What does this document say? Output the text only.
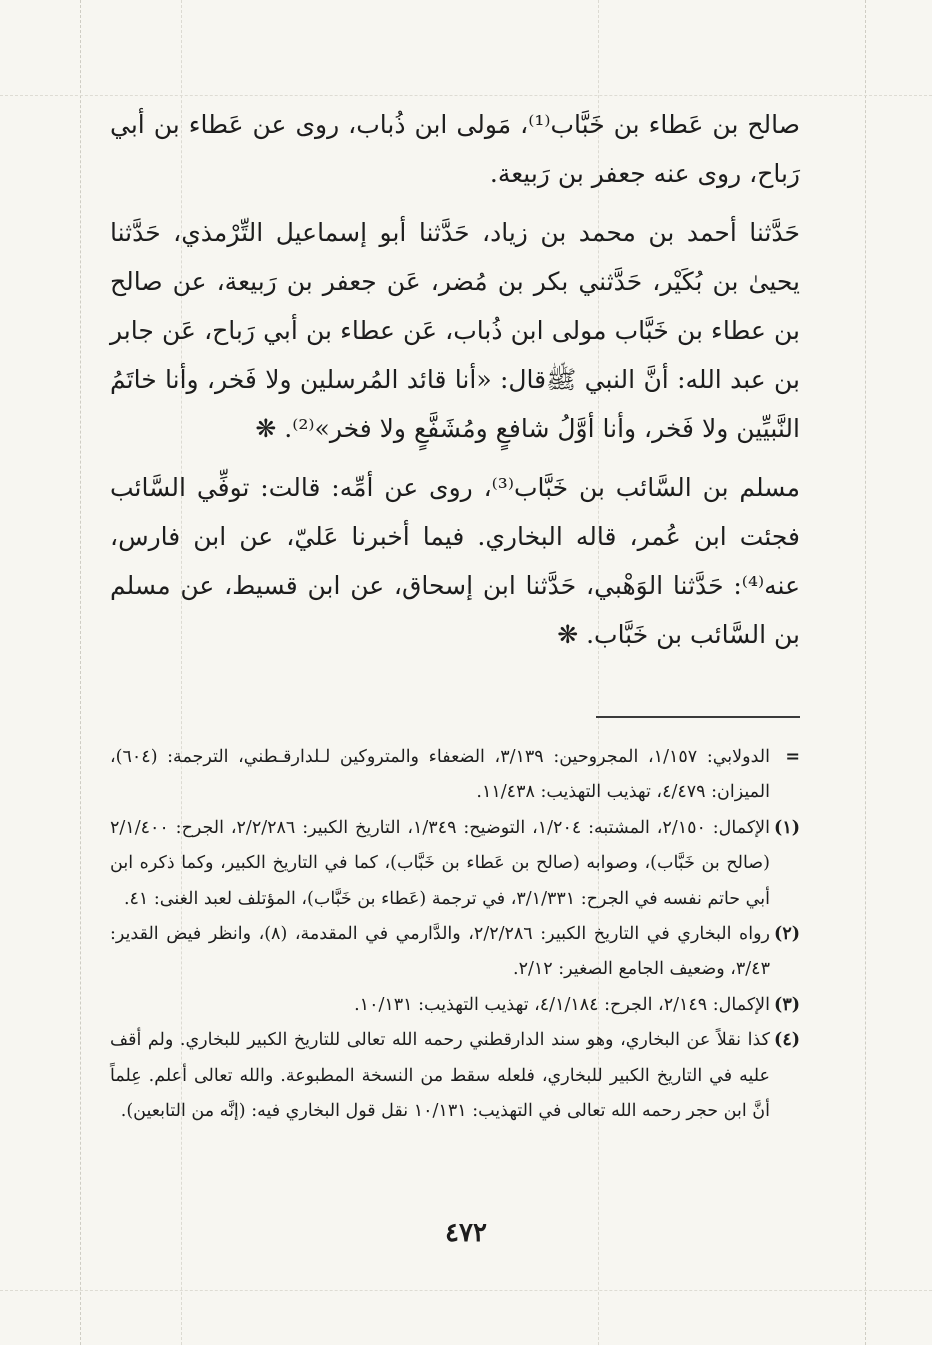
صالح بن عَطاء بن خَبَّاب⁽¹⁾، مَولى ابن ذُباب، روى عن عَطاء بن أبي رَباح، روى عنه جعفر بن رَبيعة.

حَدَّثنا أحمد بن محمد بن زياد، حَدَّثنا أبو إسماعيل التِّرْمذي، حَدَّثنا يحيىٰ بن بُكَيْر، حَدَّثني بكر بن مُضر، عَن جعفر بن رَبيعة، عن صالح بن عطاء بن خَبَّاب مولى ابن ذُباب، عَن عطاء بن أبي رَباح، عَن جابر بن عبد الله: أنَّ النبي ﷺقال: «أنا قائد المُرسلين ولا فَخر، وأنا خاتَمُ النَّبيِّين ولا فَخر، وأنا أوَّلُ شافعٍ ومُشَفَّعٍ ولا فخر»⁽²⁾. ❋

مسلم بن السَّائب بن خَبَّاب⁽³⁾، روى عن أمِّه: قالت: توفِّي السَّائب فجئت ابن عُمر، قاله البخاري. فيما أخبرنا عَليّ، عن ابن فارس، عنه⁽⁴⁾: حَدَّثنا الوَهْبي، حَدَّثنا ابن إسحاق، عن ابن قسيط، عن مسلم بن السَّائب بن خَبَّاب. ❋

=
الدولابي: ١/١٥٧، المجروحين: ٣/١٣٩، الضعفاء والمتروكين لـلدارقـطني، الترجمة: (٦٠٤)، الميزان: ٤/٤٧٩، تهذيب التهذيب: ١١/٤٣٨.
(١)
الإكمال: ٢/١٥٠، المشتبه: ١/٢٠٤، التوضيح: ١/٣٤٩، التاريخ الكبير: ٢/٢/٢٨٦، الجرح: ٢/١/٤٠٠ (صالح بن خَبَّاب)، وصوابه (صالح بن عَطاء بن خَبَّاب)، كما في التاريخ الكبير، وكما ذكره ابن أبي حاتم نفسه في الجرح: ٣/١/٣٣١، في ترجمة (عَطاء بن خَبَّاب)، المؤتلف لعبد الغنى: ٤١.
(٢)
رواه البخاري في التاريخ الكبير: ٢/٢/٢٨٦، والدَّارمي في المقدمة، (٨)، وانظر فيض القدير: ٣/٤٣، وضعيف الجامع الصغير: ٢/١٢.
(٣)
الإكمال: ٢/١٤٩، الجرح: ٤/١/١٨٤، تهذيب التهذيب: ١٠/١٣١.
(٤)
كذا نقلاً عن البخاري، وهو سند الدارقطني رحمه الله تعالى للتاريخ الكبير للبخاري. ولم أقف عليه في التاريخ الكبير للبخاري، فلعله سقط من النسخة المطبوعة. والله تعالى أعلم. عِلماً أنَّ ابن حجر رحمه الله تعالى في التهذيب: ١٠/١٣١ نقل قول البخاري فيه: (إنَّه من التابعين).
٤٧٢
